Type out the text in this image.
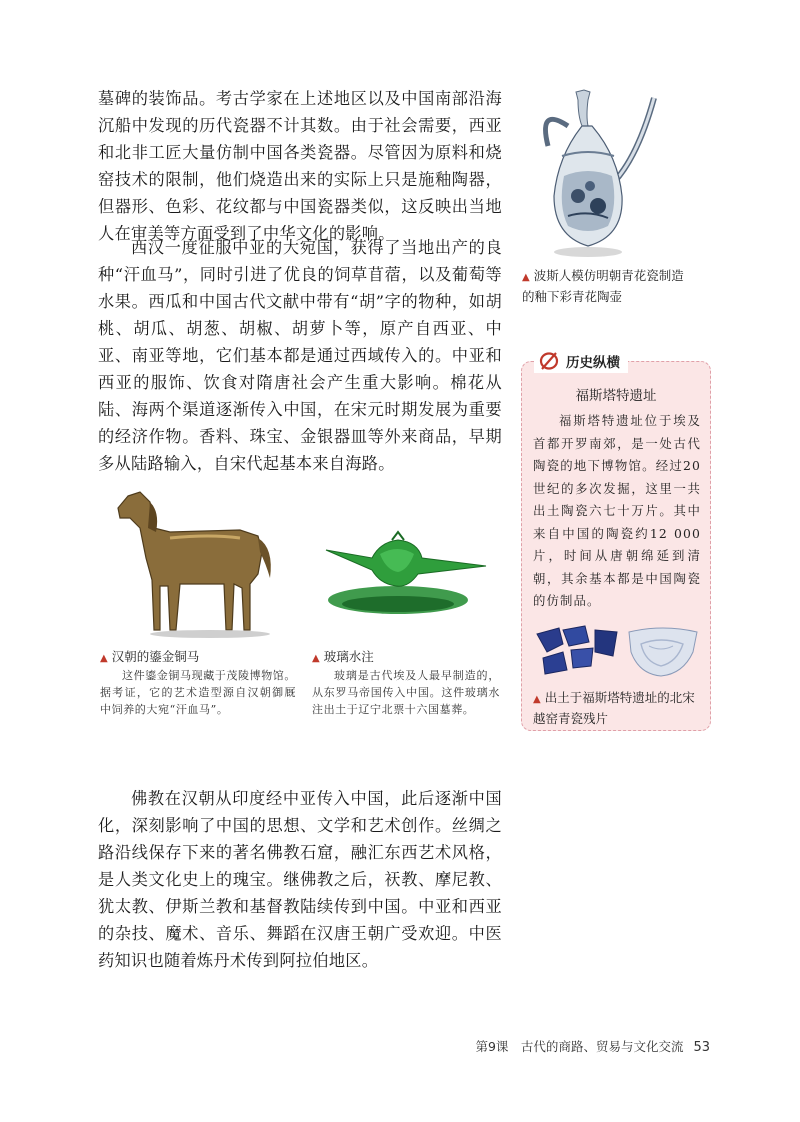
墓碑的装饰品。考古学家在上述地区以及中国南部沿海沉船中发现的历代瓷器不计其数。由于社会需要，西亚和北非工匠大量仿制中国各类瓷器。尽管因为原料和烧窑技术的限制，他们烧造出来的实际上只是施釉陶器，但器形、色彩、花纹都与中国瓷器类似，这反映出当地人在审美等方面受到了中华文化的影响。

西汉一度征服中亚的大宛国，获得了当地出产的良种“汗血马”，同时引进了优良的饲草苜蓿，以及葡萄等水果。西瓜和中国古代文献中带有“胡”字的物种，如胡桃、胡瓜、胡葱、胡椒、胡萝卜等，原产自西亚、中亚、南亚等地，它们基本都是通过西域传入的。中亚和西亚的服饰、饮食对隋唐社会产生重大影响。棉花从陆、海两个渠道逐渐传入中国，在宋元时期发展为重要的经济作物。香料、珠宝、金银器皿等外来商品，早期多从陆路输入，自宋代起基本来自海路。

佛教在汉朝从印度经中亚传入中国，此后逐渐中国化，深刻影响了中国的思想、文学和艺术创作。丝绸之路沿线保存下来的著名佛教石窟，融汇东西艺术风格，是人类文化史上的瑰宝。继佛教之后，祆教、摩尼教、犹太教、伊斯兰教和基督教陆续传到中国。中亚和西亚的杂技、魔术、音乐、舞蹈在汉唐王朝广受欢迎。中医药知识也随着炼丹术传到阿拉伯地区。

▲ 波斯人模仿明朝青花瓷制造的釉下彩青花陶壶
▲ 汉朝的鎏金铜马

这件鎏金铜马现藏于茂陵博物馆。据考证，它的艺术造型源自汉朝御厩中饲养的大宛“汗血马”。

▲ 玻璃水注

玻璃是古代埃及人最早制造的，从东罗马帝国传入中国。这件玻璃水注出土于辽宁北票十六国墓葬。

历史纵横
福斯塔特遗址

福斯塔特遗址位于埃及首都开罗南郊，是一处古代陶瓷的地下博物馆。经过20世纪的多次发掘，这里一共出土陶瓷六七十万片。其中来自中国的陶瓷约12 000片，时间从唐朝绵延到清朝，其余基本都是中国陶瓷的仿制品。

▲ 出土于福斯塔特遗址的北宋越窑青瓷残片
第9课　古代的商路、贸易与文化交流 53
